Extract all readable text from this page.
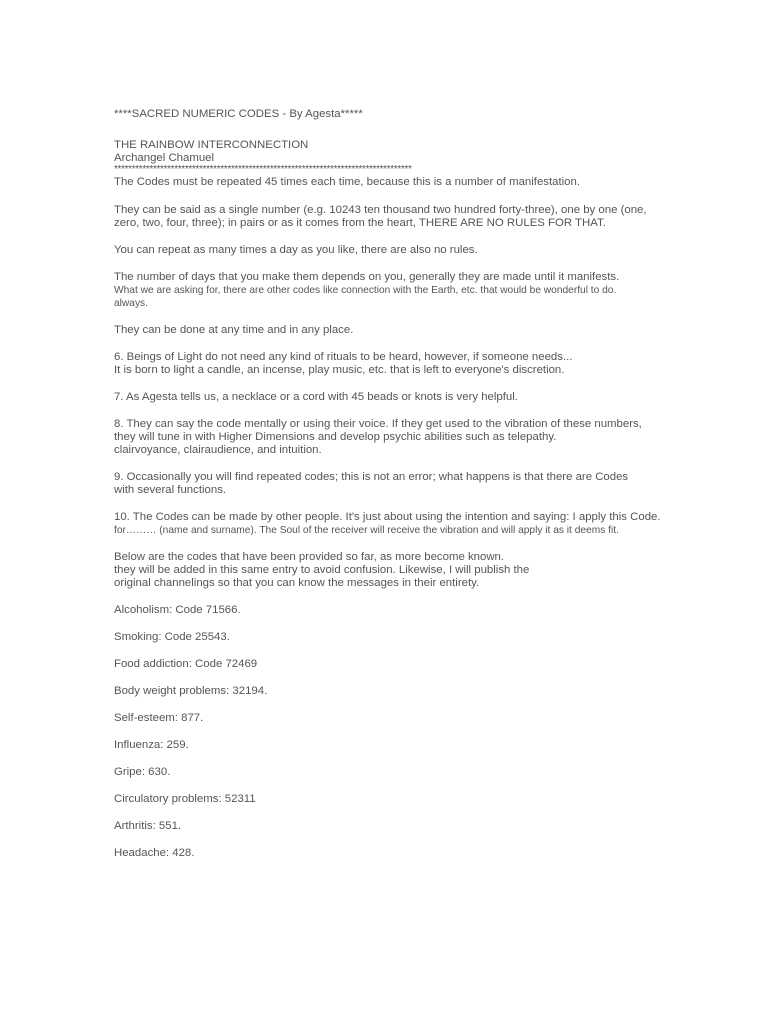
****SACRED NUMERIC CODES - By Agesta*****

THE RAINBOW INTERCONNECTION
Archangel Chamuel
************************************************************************************

The Codes must be repeated 45 times each time, because this is a number of manifestation.

They can be said as a single number (e.g. 10243 ten thousand two hundred forty-three), one by one (one,
zero, two, four, three); in pairs or as it comes from the heart, THERE ARE NO RULES FOR THAT.

You can repeat as many times a day as you like, there are also no rules.

The number of days that you make them depends on you, generally they are made until it manifests.
What we are asking for, there are other codes like connection with the Earth, etc. that would be wonderful to do.
always.

They can be done at any time and in any place.

6. Beings of Light do not need any kind of rituals to be heard, however, if someone needs...
It is born to light a candle, an incense, play music, etc. that is left to everyone's discretion.

7. As Agesta tells us, a necklace or a cord with 45 beads or knots is very helpful.

8. They can say the code mentally or using their voice. If they get used to the vibration of these numbers,
they will tune in with Higher Dimensions and develop psychic abilities such as telepathy.
clairvoyance, clairaudience, and intuition.

9. Occasionally you will find repeated codes; this is not an error; what happens is that there are Codes
with several functions.

10. The Codes can be made by other people. It's just about using the intention and saying: I apply this Code.
for……… (name and surname). The Soul of the receiver will receive the vibration and will apply it as it deems fit.

Below are the codes that have been provided so far, as more become known.
they will be added in this same entry to avoid confusion. Likewise, I will publish the
original channelings so that you can know the messages in their entirety.

Alcoholism: Code 71566.

Smoking: Code 25543.

Food addiction: Code 72469

Body weight problems: 32194.

Self-esteem: 877.

Influenza: 259.

Gripe: 630.

Circulatory problems: 52311

Arthritis: 551.

Headache: 428.
